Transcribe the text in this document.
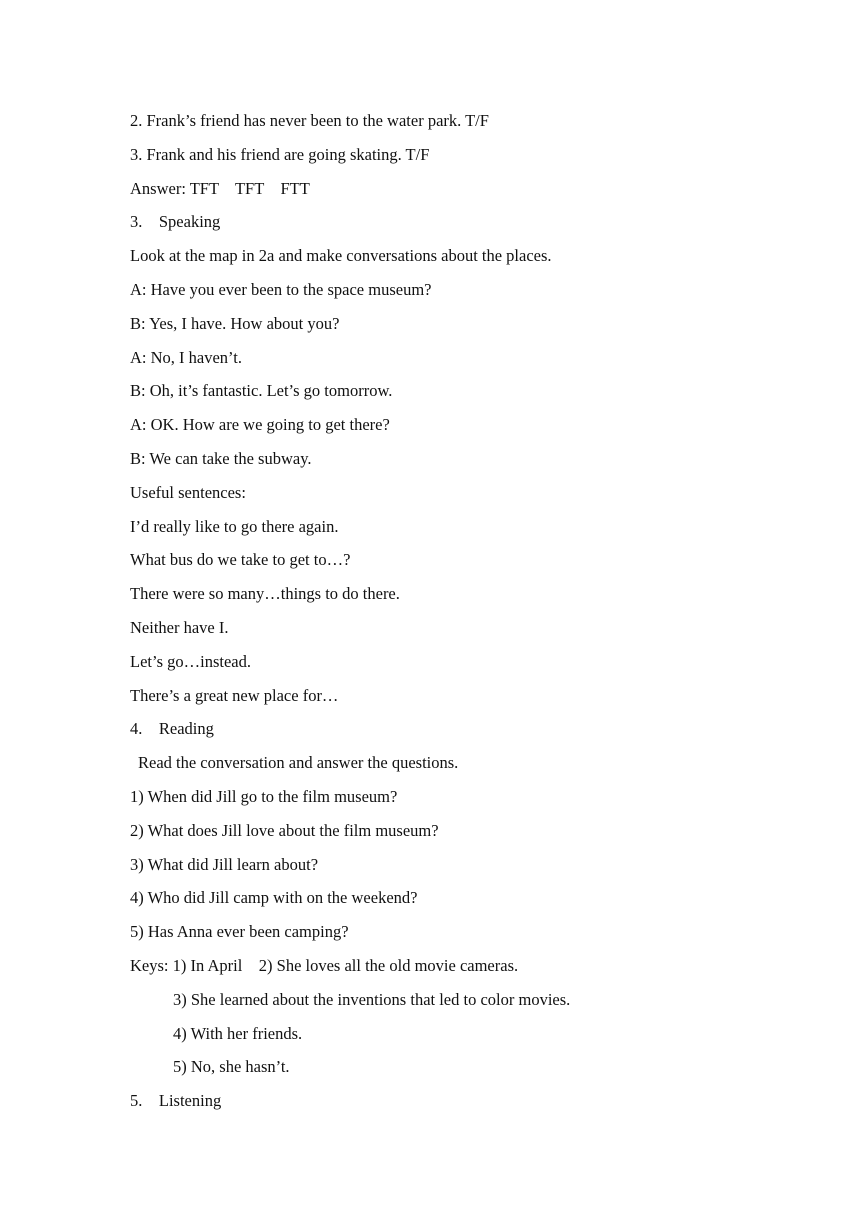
2. Frank’s friend has never been to the water park. T/F
3. Frank and his friend are going skating. T/F
Answer: TFT    TFT    FTT
3.    Speaking
Look at the map in 2a and make conversations about the places.
A: Have you ever been to the space museum?
B: Yes, I have. How about you?
A: No, I haven’t.
B: Oh, it’s fantastic. Let’s go tomorrow.
A: OK. How are we going to get there?
B: We can take the subway.
Useful sentences:
I’d really like to go there again.
What bus do we take to get to…?
There were so many…things to do there.
Neither have I.
Let’s go…instead.
There’s a great new place for…
4.    Reading
Read the conversation and answer the questions.
1) When did Jill go to the film museum?
2) What does Jill love about the film museum?
3) What did Jill learn about?
4) Who did Jill camp with on the weekend?
5) Has Anna ever been camping?
Keys: 1) In April    2) She loves all the old movie cameras.
3) She learned about the inventions that led to color movies.
4) With her friends.
5) No, she hasn’t.
5.    Listening
